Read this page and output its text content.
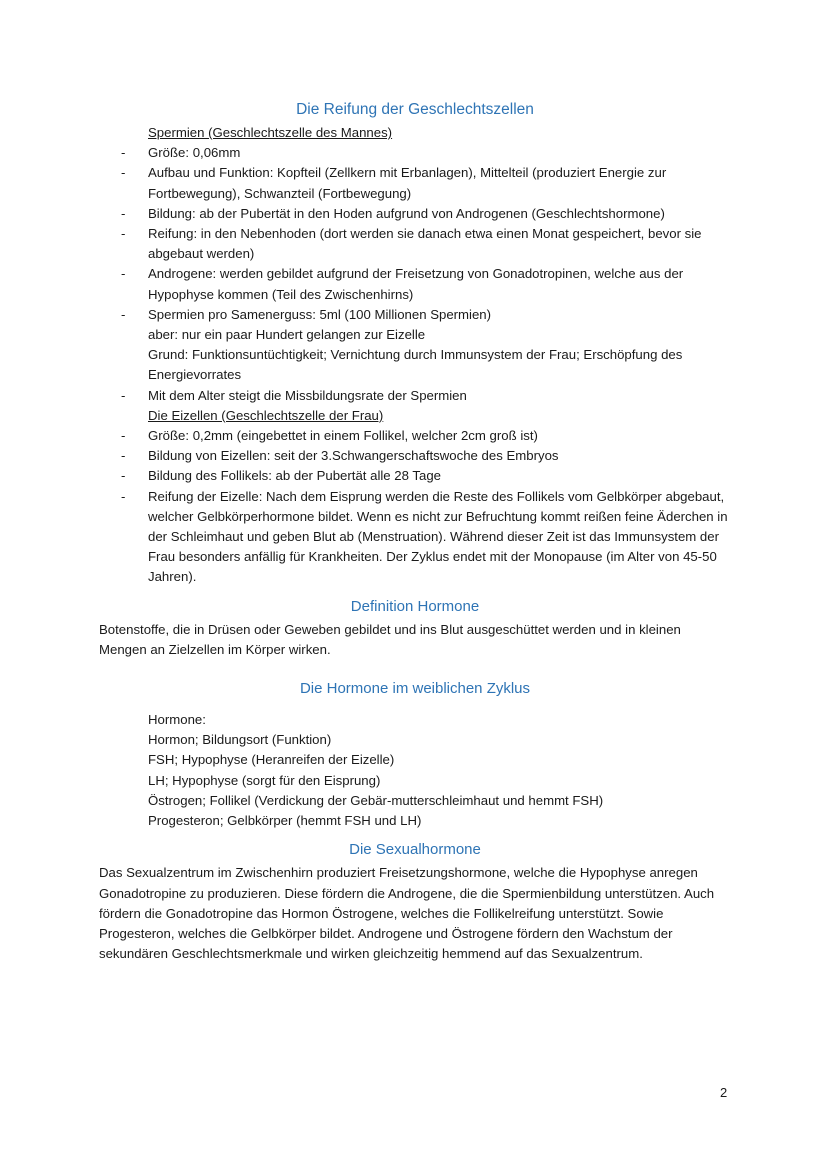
Die Reifung der Geschlechtszellen
Spermien (Geschlechtszelle des Mannes)
- Größe: 0,06mm
- Aufbau und Funktion: Kopfteil (Zellkern mit Erbanlagen), Mittelteil (produziert Energie zur Fortbewegung), Schwanzteil (Fortbewegung)
- Bildung: ab der Pubertät in den Hoden aufgrund von Androgenen (Geschlechtshormone)
- Reifung: in den Nebenhoden (dort werden sie danach etwa einen Monat gespeichert, bevor sie abgebaut werden)
- Androgene: werden gebildet aufgrund der Freisetzung von Gonadotropinen, welche aus der Hypophyse kommen (Teil des Zwischenhirns)
- Spermien pro Samenerguss: 5ml (100 Millionen Spermien)
aber: nur ein paar Hundert gelangen zur Eizelle
Grund: Funktionsuntüchtigkeit; Vernichtung durch Immunsystem der Frau; Erschöpfung des Energievorrates
- Mit dem Alter steigt die Missbildungsrate der Spermien
Die Eizellen (Geschlechtszelle der Frau)
- Größe: 0,2mm (eingebettet in einem Follikel, welcher 2cm groß ist)
- Bildung von Eizellen: seit der 3.Schwangerschaftswoche des Embryos
- Bildung des Follikels: ab der Pubertät alle 28 Tage
- Reifung der Eizelle: Nach dem Eisprung werden die Reste des Follikels vom Gelbkörper abgebaut, welcher Gelbkörperhormone bildet. Wenn es nicht zur Befruchtung kommt reißen feine Äderchen in der Schleimhaut und geben Blut ab (Menstruation). Während dieser Zeit ist das Immunsystem der Frau besonders anfällig für Krankheiten. Der Zyklus endet mit der Monopause (im Alter von 45-50 Jahren).
Definition Hormone

Botenstoffe, die in Drüsen oder Geweben gebildet und ins Blut ausgeschüttet werden und in kleinen Mengen an Zielzellen im Körper wirken.

Die Hormone im weiblichen Zyklus
Hormone:
Hormon; Bildungsort (Funktion)
FSH; Hypophyse (Heranreifen der Eizelle)
LH; Hypophyse (sorgt für den Eisprung)
Östrogen; Follikel (Verdickung der Gebär-mutterschleimhaut und hemmt FSH)
Progesteron; Gelbkörper (hemmt FSH und LH)
Die Sexualhormone

Das Sexualzentrum im Zwischenhirn produziert Freisetzungshormone, welche die Hypophyse anregen Gonadotropine zu produzieren. Diese fördern die Androgene, die die Spermienbildung unterstützen. Auch fördern die Gonadotropine das Hormon Östrogene, welches die Follikelreifung unterstützt. Sowie Progesteron, welches die Gelbkörper bildet. Androgene und Östrogene fördern den Wachstum der sekundären Geschlechtsmerkmale und wirken gleichzeitig hemmend auf das Sexualzentrum.

2
